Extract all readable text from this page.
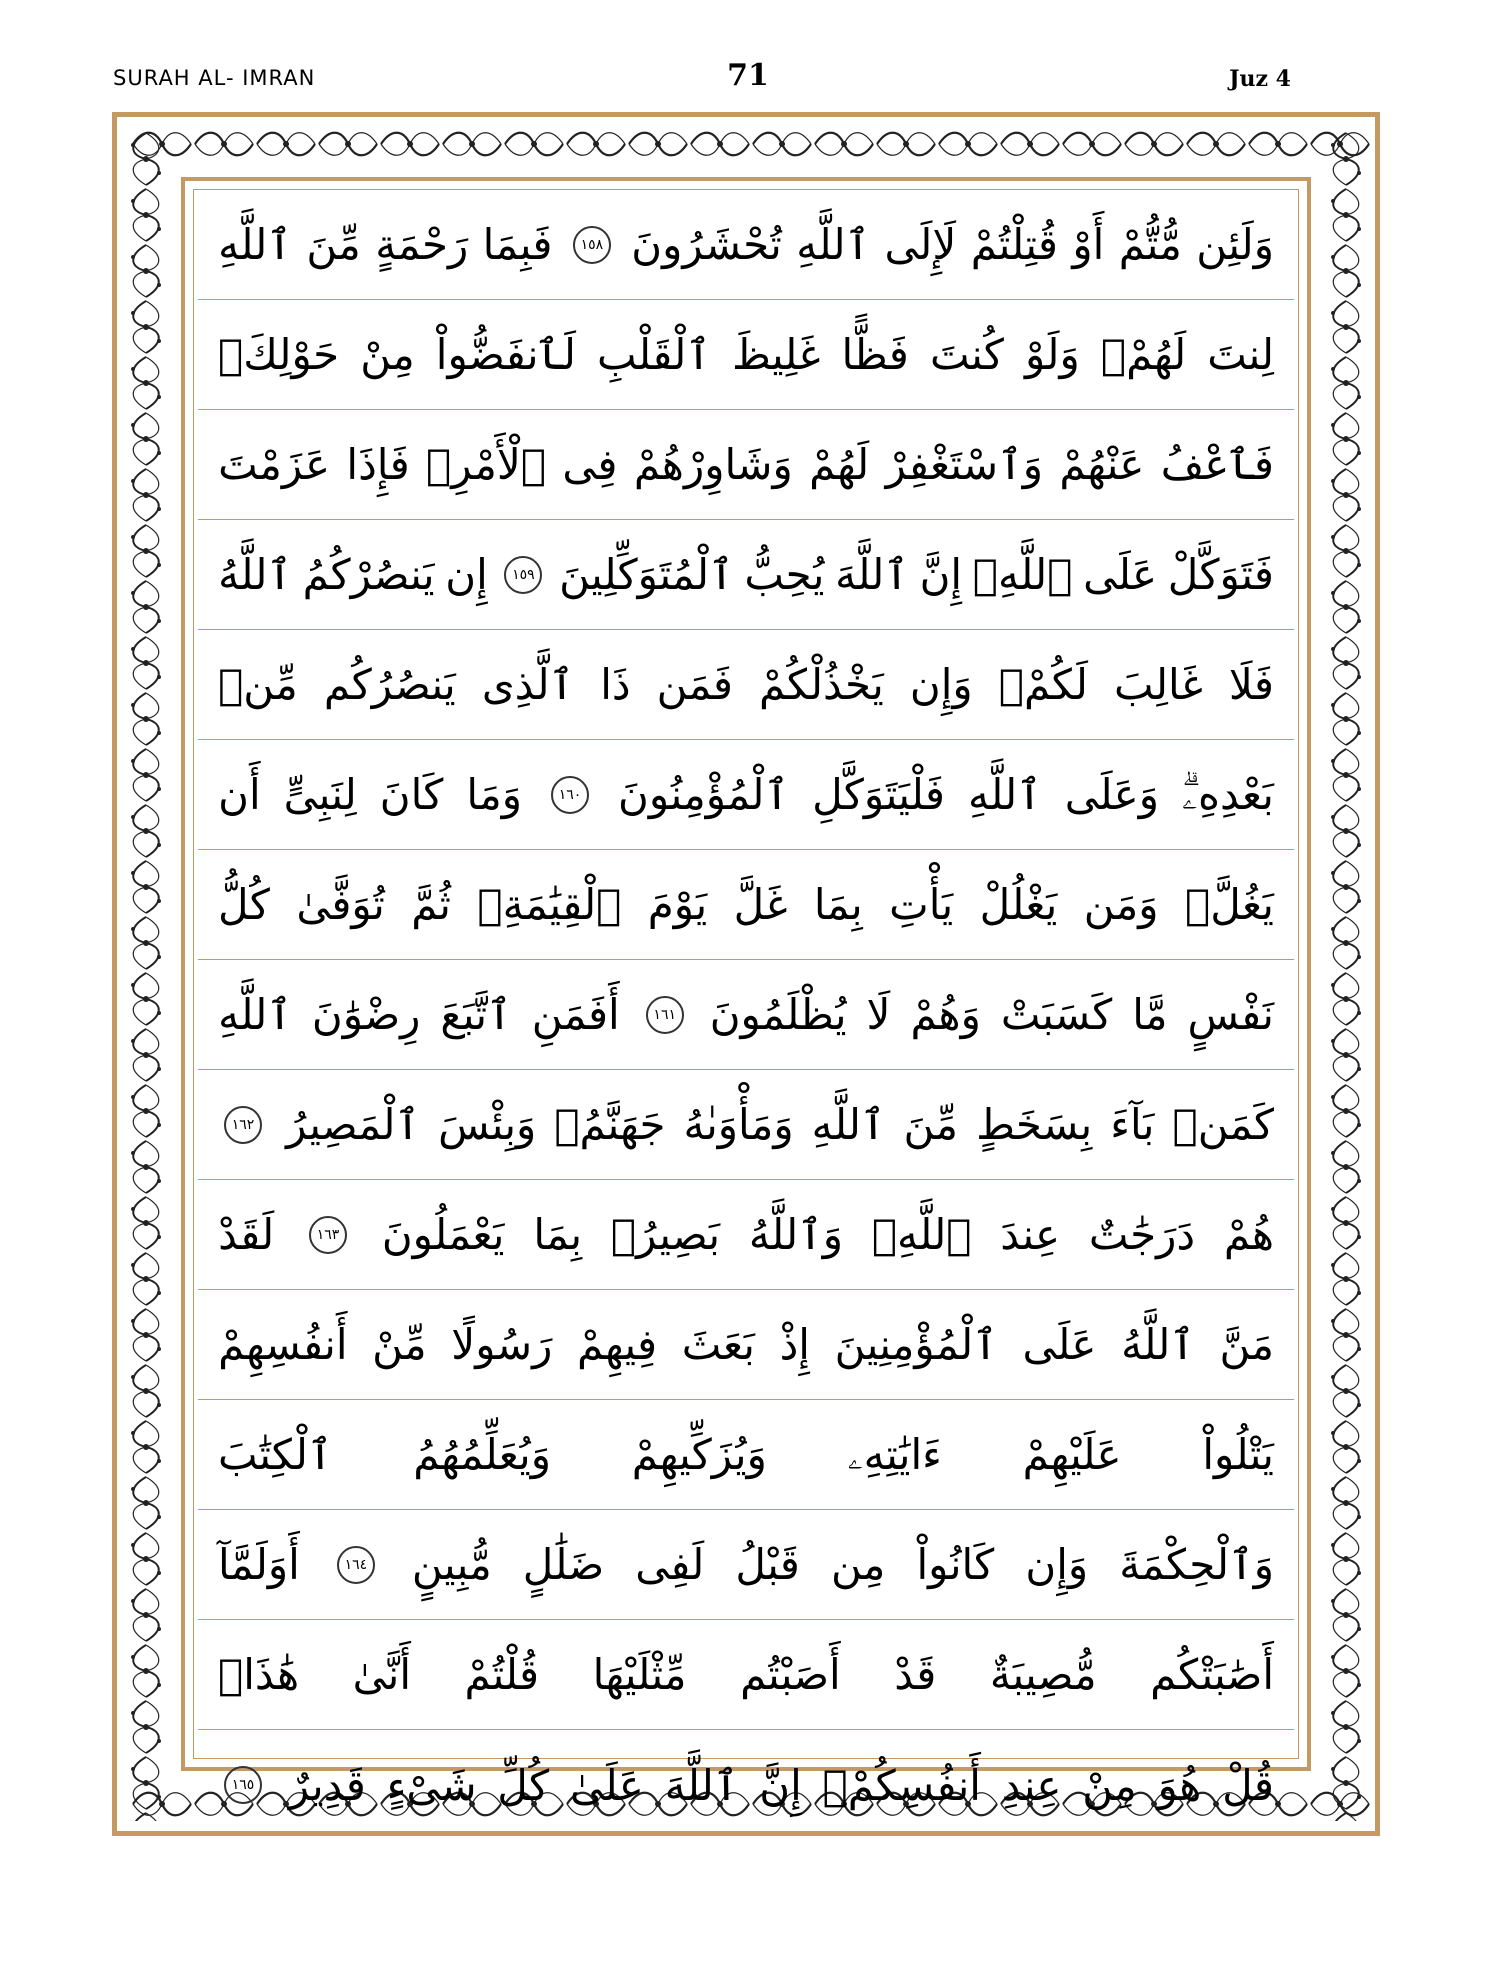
SURAH AL- IMRAN	71	Juz 4
وَلَئِن
مُّتُّمْ
أَوْ
قُتِلْتُمْ
لَإِلَى
ٱللَّهِ
تُحْشَرُونَ
١٥٨
فَبِمَا
رَحْمَةٍ
مِّنَ
ٱللَّهِ
لِنتَ
لَهُمْۖ
وَلَوْ
كُنتَ
فَظًّا
غَلِيظَ
ٱلْقَلْبِ
لَٱنفَضُّواْ
مِنْ
حَوْلِكَۖ
فَٱعْفُ
عَنْهُمْ
وَٱسْتَغْفِرْ
لَهُمْ
وَشَاوِرْهُمْ
فِى
ٱلْأَمْرِۖ
فَإِذَا
عَزَمْتَ
فَتَوَكَّلْ
عَلَى
ٱللَّهِۚ
إِنَّ
ٱللَّهَ
يُحِبُّ
ٱلْمُتَوَكِّلِينَ
١٥٩
إِن
يَنصُرْكُمُ
ٱللَّهُ
فَلَا
غَالِبَ
لَكُمْۖ
وَإِن
يَخْذُلْكُمْ
فَمَن
ذَا
ٱلَّذِى
يَنصُرُكُم
مِّنۢ
بَعْدِهِۦۗ
وَعَلَى
ٱللَّهِ
فَلْيَتَوَكَّلِ
ٱلْمُؤْمِنُونَ
١٦٠
وَمَا
كَانَ
لِنَبِىٍّ
أَن
يَغُلَّۚ
وَمَن
يَغْلُلْ
يَأْتِ
بِمَا
غَلَّ
يَوْمَ
ٱلْقِيَٰمَةِۚ
ثُمَّ
تُوَفَّىٰ
كُلُّ
نَفْسٍ
مَّا
كَسَبَتْ
وَهُمْ
لَا
يُظْلَمُونَ
١٦١
أَفَمَنِ
ٱتَّبَعَ
رِضْوَٰنَ
ٱللَّهِ
كَمَنۢ
بَآءَ
بِسَخَطٍ
مِّنَ
ٱللَّهِ
وَمَأْوَىٰهُ
جَهَنَّمُۖ
وَبِئْسَ
ٱلْمَصِيرُ
١٦٢
هُمْ
دَرَجَٰتٌ
عِندَ
ٱللَّهِۗ
وَٱللَّهُ
بَصِيرُۢ
بِمَا
يَعْمَلُونَ
١٦٣
لَقَدْ
مَنَّ
ٱللَّهُ
عَلَى
ٱلْمُؤْمِنِينَ
إِذْ
بَعَثَ
فِيهِمْ
رَسُولًا
مِّنْ
أَنفُسِهِمْ
يَتْلُواْ
عَلَيْهِمْ
ءَايَٰتِهِۦ
وَيُزَكِّيهِمْ
وَيُعَلِّمُهُمُ
ٱلْكِتَٰبَ
وَٱلْحِكْمَةَ
وَإِن
كَانُواْ
مِن
قَبْلُ
لَفِى
ضَلَٰلٍ
مُّبِينٍ
١٦٤
أَوَلَمَّآ
أَصَٰبَتْكُم
مُّصِيبَةٌ
قَدْ
أَصَبْتُم
مِّثْلَيْهَا
قُلْتُمْ
أَنَّىٰ
هَٰذَاۖ
قُلْ
هُوَ
مِنْ
عِندِ
أَنفُسِكُمْۗ
إِنَّ
ٱللَّهَ
عَلَىٰ
كُلِّ
شَىْءٍ
قَدِيرٌ
١٦٥
